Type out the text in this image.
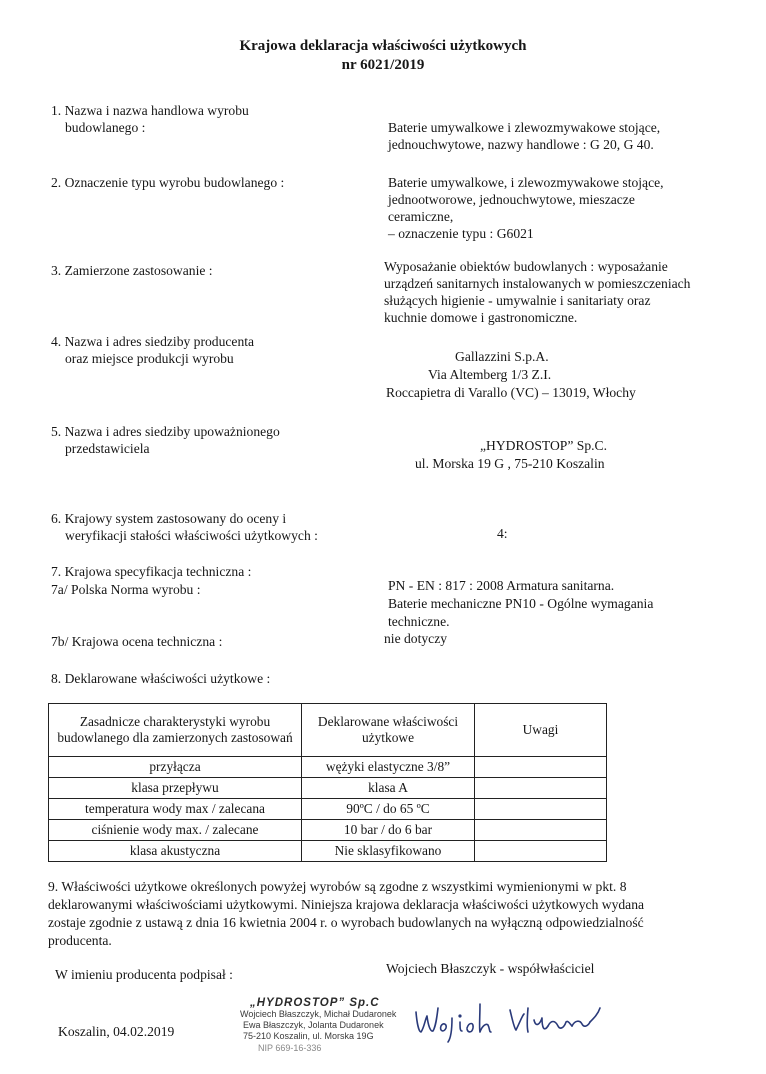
Krajowa deklaracja właściwości użytkowych
nr 6021/2019
1. Nazwa i nazwa handlowa wyrobu
budowlanego :	Baterie umywalkowe i zlewozmywakowe stojące,
jednouchwytowe, nazwy handlowe : G 20, G 40.
2. Oznaczenie typu wyrobu budowlanego :	Baterie umywalkowe, i zlewozmywakowe stojące,
jednootworowe, jednouchwytowe, mieszacze
ceramiczne,
– oznaczenie typu : G6021
3. Zamierzone zastosowanie :	Wyposażanie obiektów budowlanych : wyposażanie
urządzeń sanitarnych instalowanych w pomieszczeniach
służących higienie - umywalnie i sanitariaty oraz
kuchnie domowe i gastronomiczne.
4. Nazwa i adres siedziby producenta
oraz miejsce produkcji wyrobu	Gallazzini S.p.A.
Via Altemberg 1/3 Z.I.
Roccapietra di Varallo (VC) – 13019, Włochy
5. Nazwa i adres siedziby upoważnionego
przedstawiciela	„HYDROSTOP” Sp.C.
ul. Morska 19 G , 75-210 Koszalin
6. Krajowy system zastosowany do oceny i
weryfikacji stałości właściwości użytkowych :	4:
7. Krajowa specyfikacja techniczna :
7a/ Polska Norma wyrobu :	PN - EN : 817 : 2008 Armatura sanitarna.
Baterie mechaniczne PN10 - Ogólne wymagania
techniczne.
7b/ Krajowa ocena techniczna :	nie dotyczy
8. Deklarowane właściwości użytkowe :
Zasadnicze charakterystyki wyrobu budowlanego dla zamierzonych zastosowań	Deklarowane właściwości użytkowe	Uwagi
przyłącza	wężyki elastyczne 3/8”	
klasa przepływu	klasa A	
temperatura wody max / zalecana	90ºC / do 65 ºC	
ciśnienie wody max. / zalecane	10 bar / do 6 bar	
klasa akustyczna	Nie sklasyfikowano	
9. Właściwości użytkowe określonych powyżej wyrobów są zgodne z wszystkimi wymienionymi w pkt. 8
deklarowanymi właściwościami użytkowymi. Niniejsza krajowa deklaracja właściwości użytkowych wydana
zostaje zgodnie z ustawą z dnia 16 kwietnia 2004 r. o wyrobach budowlanych na wyłączną odpowiedzialność
producenta.
W imieniu producenta podpisał :	Wojciech Błaszczyk - współwłaściciel
Koszalin, 04.02.2019
„HYDROSTOP” Sp.C
Wojciech Błaszczyk, Michał Dudaronek
Ewa Błaszczyk, Jolanta Dudaronek
75-210 Koszalin, ul. Morska 19G
NIP 669-16-336
Wojciech Błaszczyk
